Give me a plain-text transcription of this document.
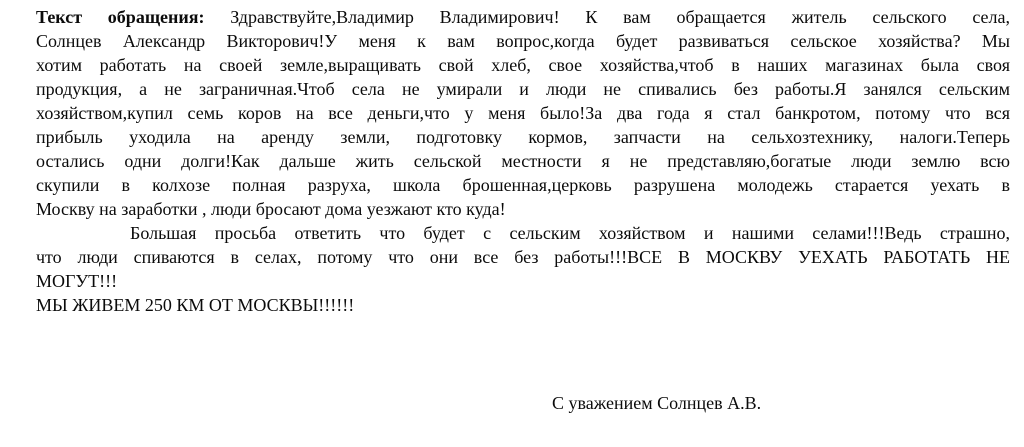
Текст обращения: Здравствуйте,Владимир Владимирович! К вам обращается житель сельского села,
Солнцев Александр Викторович!У меня к вам вопрос,когда будет развиваться сельское хозяйства? Мы
хотим работать на своей земле,выращивать свой хлеб, свое хозяйства,чтоб в наших магазинах была своя
продукция, а не заграничная.Чтоб села не умирали и люди не спивались без работы.Я занялся сельским
хозяйством,купил семь коров на все деньги,что у меня было!За два года я стал банкротом, потому что вся
прибыль уходила на аренду земли, подготовку кормов, запчасти на сельхозтехнику, налоги.Теперь
остались одни долги!Как дальше жить сельской местности я не представляю,богатые люди землю всю
скупили в колхозе полная разруха, школа брошенная,церковь разрушена молодежь старается уехать в
Москву на заработки , люди бросают дома уезжают кто куда!
Большая просьба ответить что будет с сельским хозяйством и нашими селами!!!Ведь страшно,
что люди спиваются в селах, потому что они все без работы!!!ВСЕ В МОСКВУ УЕХАТЬ РАБОТАТЬ НЕ
МОГУТ!!!
МЫ ЖИВЕМ 250 КМ ОТ МОСКВЫ!!!!!!
С уважением Солнцев А.В.
